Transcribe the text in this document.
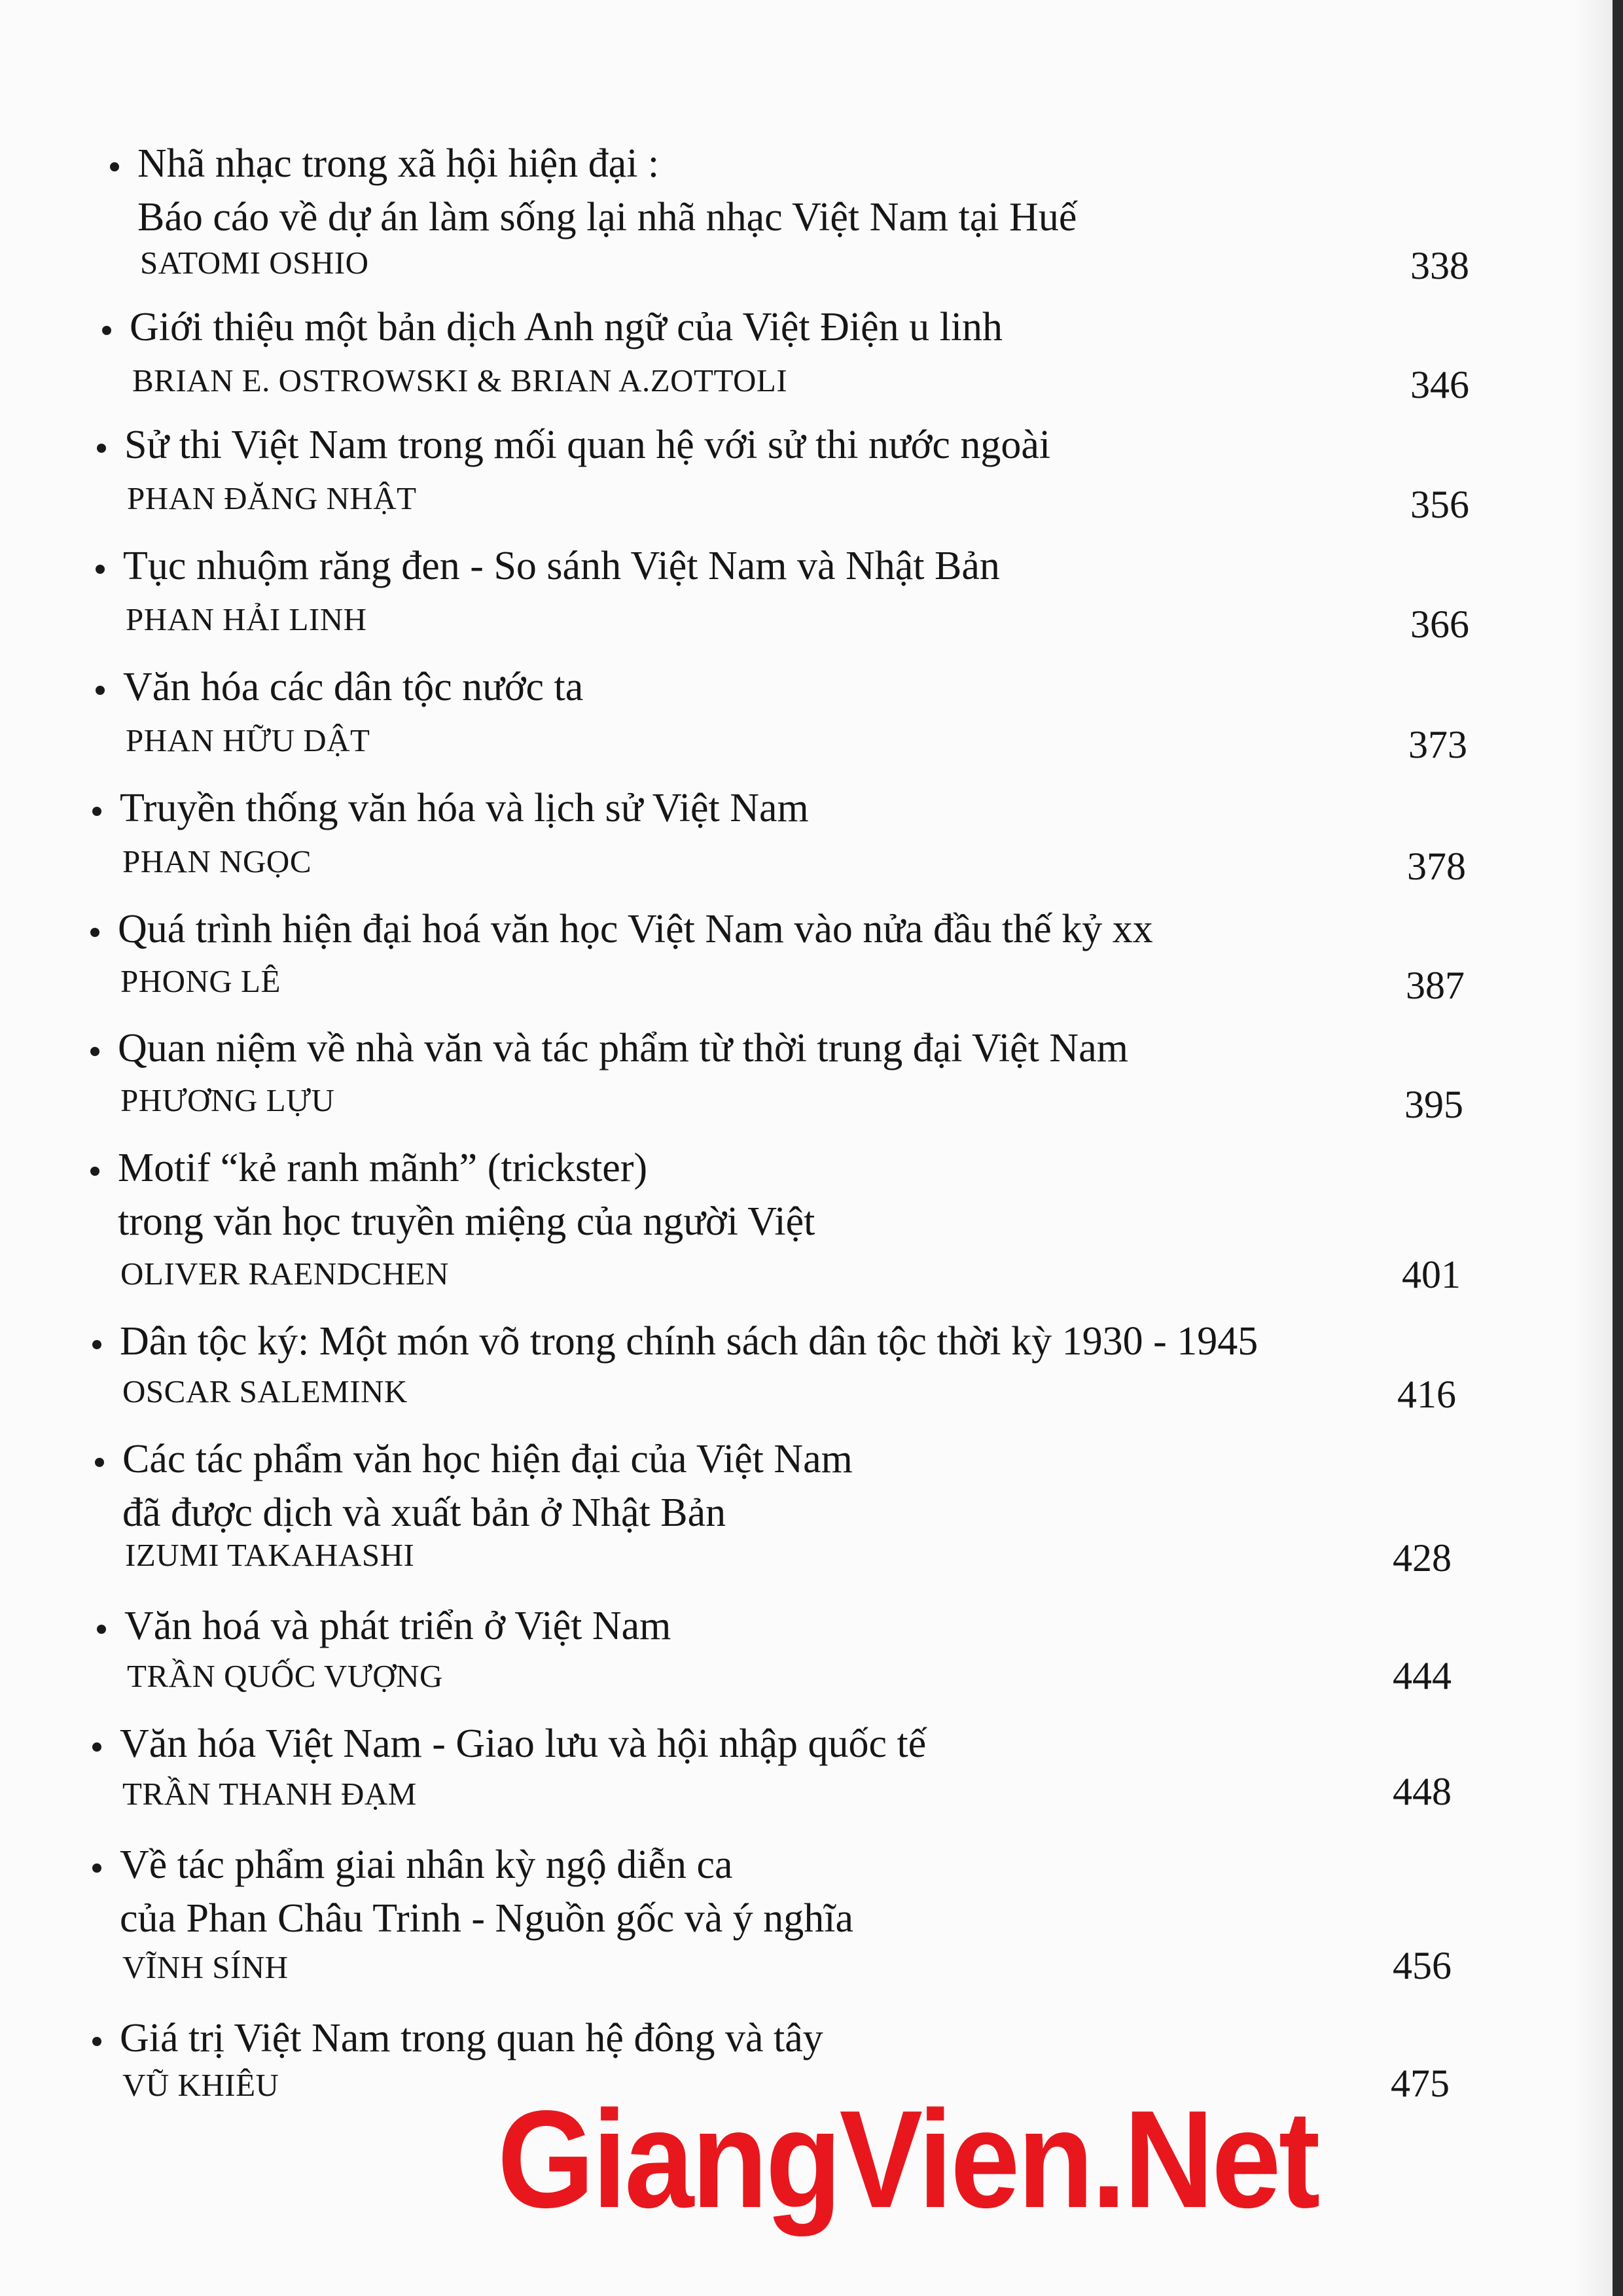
Nhã nhạc trong xã hội hiện đại :
Báo cáo về dự án làm sống lại nhã nhạc Việt Nam tại Huế
SATOMI OSHIO	338
Giới thiệu một bản dịch Anh ngữ của Việt Điện u linh
BRIAN E. OSTROWSKI & BRIAN A.ZOTTOLI	346
Sử thi Việt Nam trong mối quan hệ với sử thi nước ngoài
PHAN ĐĂNG NHẬT	356
Tục nhuộm răng đen - So sánh Việt Nam và Nhật Bản
PHAN HẢI LINH	366
Văn hóa các dân tộc nước ta
PHAN HỮU DẬT	373
Truyền thống văn hóa và lịch sử Việt Nam
PHAN NGỌC	378
Quá trình hiện đại hoá văn học Việt Nam vào nửa đầu thế kỷ xx
PHONG LÊ	387
Quan niệm về nhà văn và tác phẩm từ thời trung đại Việt Nam
PHƯƠNG LỰU	395
Motif “kẻ ranh mãnh” (trickster)
trong văn học truyền miệng của người Việt
OLIVER RAENDCHEN	401
Dân tộc ký: Một món võ trong chính sách dân tộc thời kỳ 1930 - 1945
OSCAR SALEMINK	416
Các tác phẩm văn học hiện đại của Việt Nam
đã được dịch và xuất bản ở Nhật Bản
IZUMI TAKAHASHI	428
Văn hoá và phát triển ở Việt Nam
TRẦN QUỐC VƯỢNG	444
Văn hóa Việt Nam - Giao lưu và hội nhập quốc tế
TRẦN THANH ĐẠM	448
Về tác phẩm giai nhân kỳ ngộ diễn ca
của Phan Châu Trinh - Nguồn gốc và ý nghĩa
VĨNH SÍNH	456
Giá trị Việt Nam trong quan hệ đông và tây
VŨ KHIÊU	475
GiangVien.Net
